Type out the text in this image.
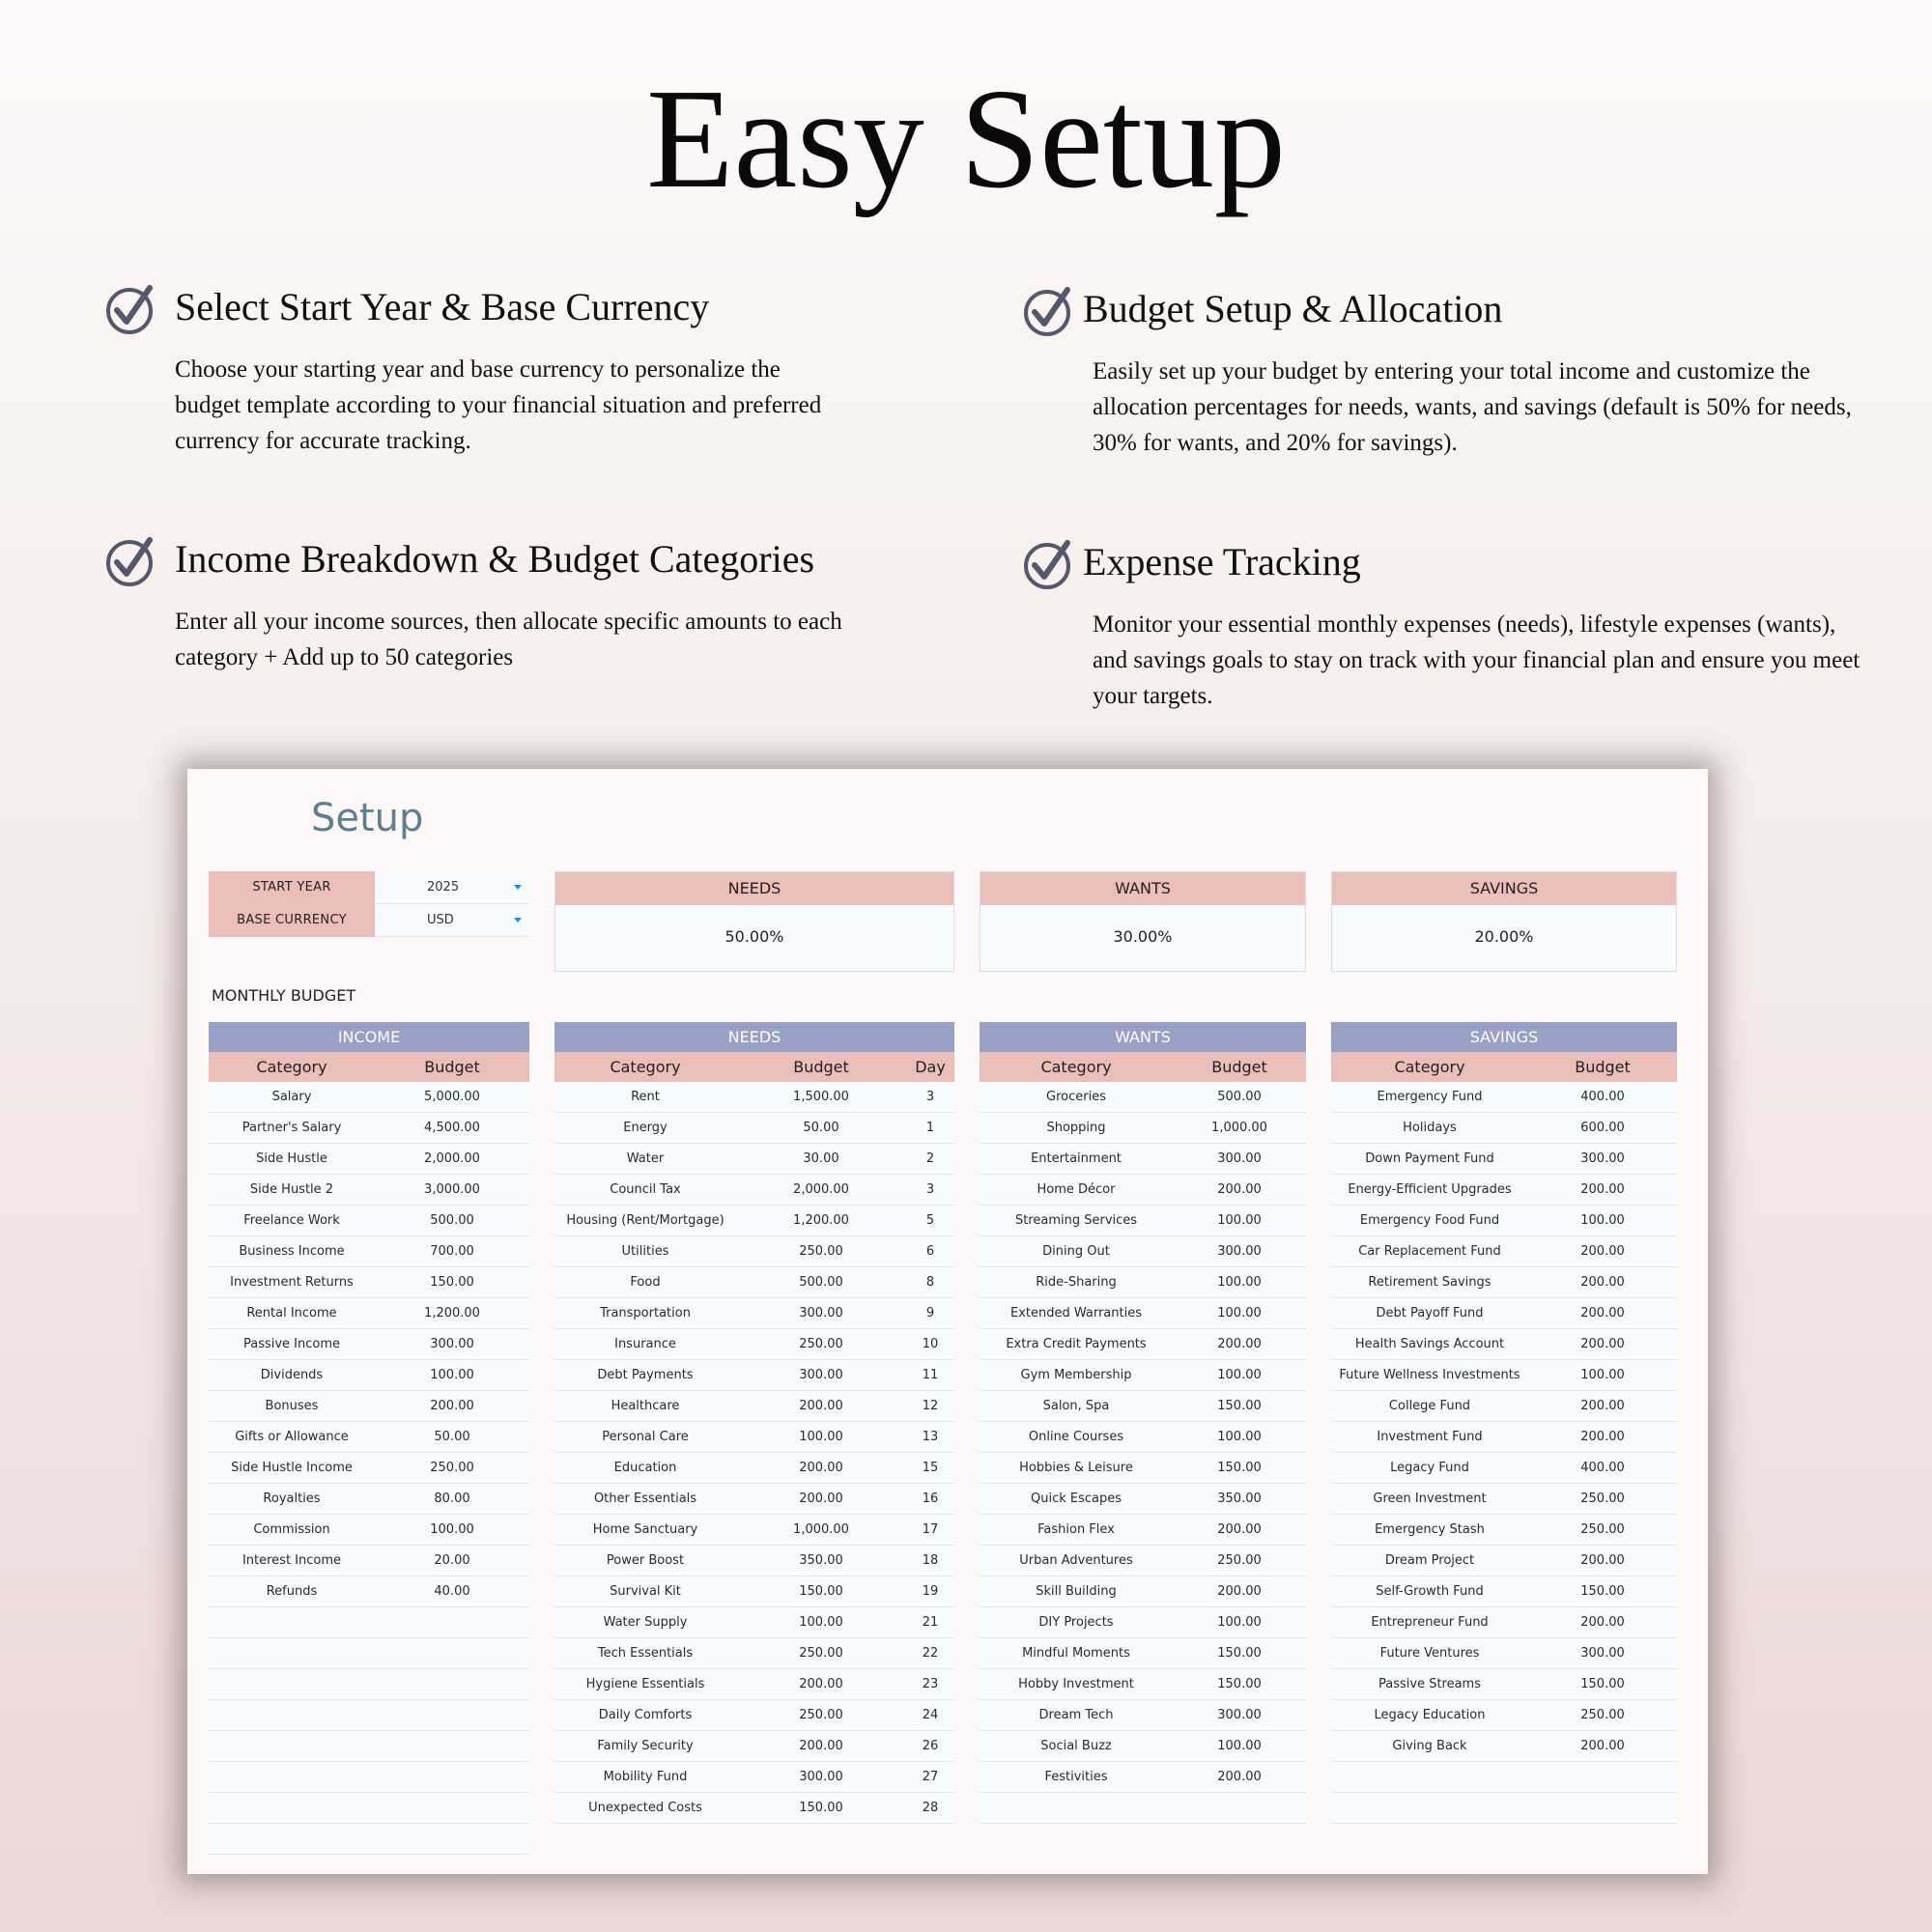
Easy Setup
Select Start Year & Base Currency
Choose your starting year and base currency to personalize the budget template according to your financial situation and preferred currency for accurate tracking.
Budget Setup & Allocation
Easily set up your budget by entering your total income and customize the allocation percentages for needs, wants, and savings (default is 50% for needs, 30% for wants, and 20% for savings).
Income Breakdown & Budget Categories
Enter all your income sources, then allocate specific amounts to each category + Add up to 50 categories
Expense Tracking
Monitor your essential monthly expenses (needs), lifestyle expenses (wants), and savings goals to stay on track with your financial plan and ensure you meet your targets.
Setup
START YEAR	2025
BASE CURRENCY	USD
NEEDS
50.00%
WANTS
30.00%
SAVINGS
20.00%
MONTHLY BUDGET
INCOME
Category	Budget
Salary	5,000.00
Partner's Salary	4,500.00
Side Hustle	2,000.00
Side Hustle 2	3,000.00
Freelance Work	500.00
Business Income	700.00
Investment Returns	150.00
Rental Income	1,200.00
Passive Income	300.00
Dividends	100.00
Bonuses	200.00
Gifts or Allowance	50.00
Side Hustle Income	250.00
Royalties	80.00
Commission	100.00
Interest Income	20.00
Refunds	40.00
NEEDS
Category	Budget	Day
Rent	1,500.00	3
Energy	50.00	1
Water	30.00	2
Council Tax	2,000.00	3
Housing (Rent/Mortgage)	1,200.00	5
Utilities	250.00	6
Food	500.00	8
Transportation	300.00	9
Insurance	250.00	10
Debt Payments	300.00	11
Healthcare	200.00	12
Personal Care	100.00	13
Education	200.00	15
Other Essentials	200.00	16
Home Sanctuary	1,000.00	17
Power Boost	350.00	18
Survival Kit	150.00	19
Water Supply	100.00	21
Tech Essentials	250.00	22
Hygiene Essentials	200.00	23
Daily Comforts	250.00	24
Family Security	200.00	26
Mobility Fund	300.00	27
Unexpected Costs	150.00	28
WANTS
Category	Budget
Groceries	500.00
Shopping	1,000.00
Entertainment	300.00
Home Décor	200.00
Streaming Services	100.00
Dining Out	300.00
Ride-Sharing	100.00
Extended Warranties	100.00
Extra Credit Payments	200.00
Gym Membership	100.00
Salon, Spa	150.00
Online Courses	100.00
Hobbies & Leisure	150.00
Quick Escapes	350.00
Fashion Flex	200.00
Urban Adventures	250.00
Skill Building	200.00
DIY Projects	100.00
Mindful Moments	150.00
Hobby Investment	150.00
Dream Tech	300.00
Social Buzz	100.00
Festivities	200.00
SAVINGS
Category	Budget
Emergency Fund	400.00
Holidays	600.00
Down Payment Fund	300.00
Energy-Efficient Upgrades	200.00
Emergency Food Fund	100.00
Car Replacement Fund	200.00
Retirement Savings	200.00
Debt Payoff Fund	200.00
Health Savings Account	200.00
Future Wellness Investments	100.00
College Fund	200.00
Investment Fund	200.00
Legacy Fund	400.00
Green Investment	250.00
Emergency Stash	250.00
Dream Project	200.00
Self-Growth Fund	150.00
Entrepreneur Fund	200.00
Future Ventures	300.00
Passive Streams	150.00
Legacy Education	250.00
Giving Back	200.00
